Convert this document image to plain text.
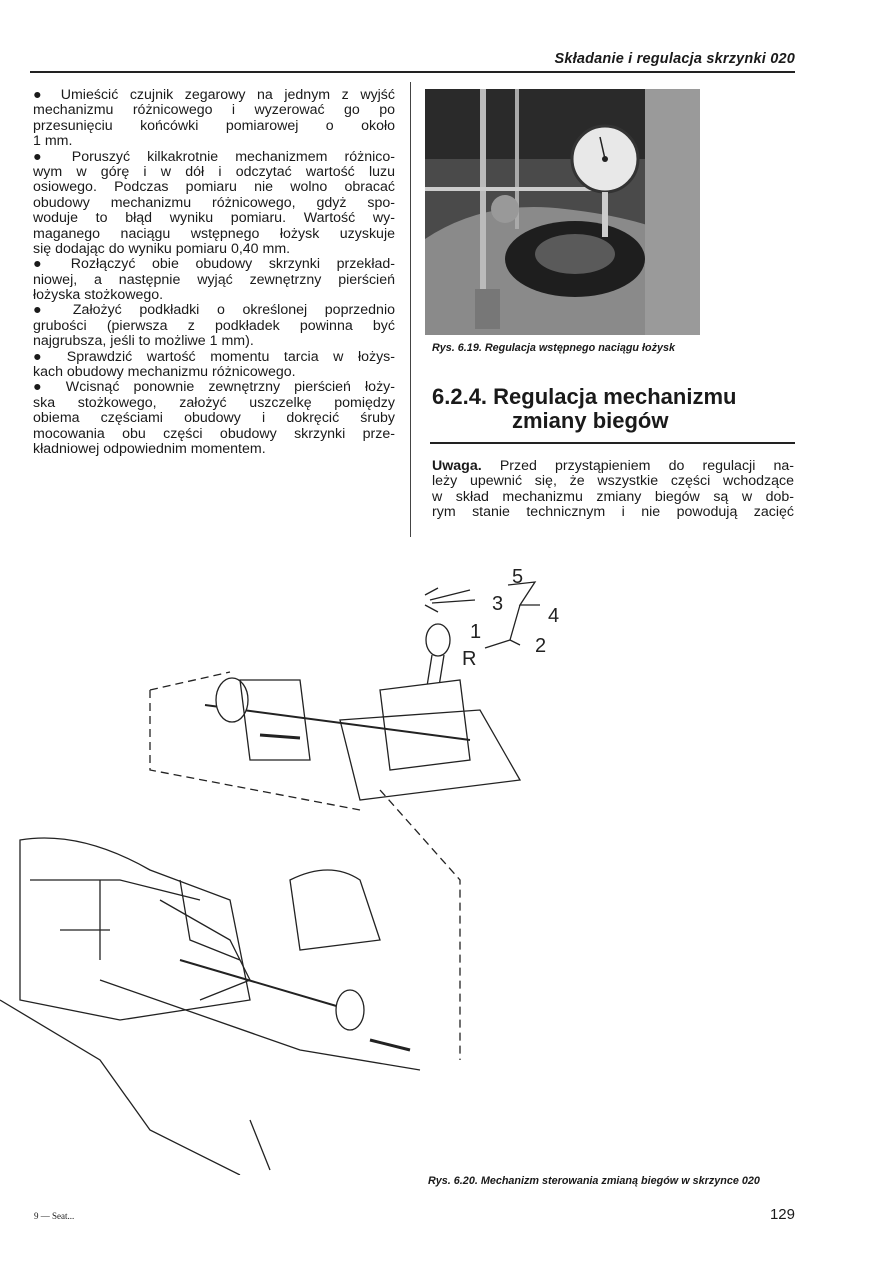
Składanie i regulacja skrzynki 020
● Umieścić czujnik zegarowy na jednym z wyjść
mechanizmu różnicowego i wyzerować go po
przesunięciu końcówki pomiarowej o około
1 mm.
● Poruszyć kilkakrotnie mechanizmem różnico-
wym w górę i w dół i odczytać wartość luzu
osiowego. Podczas pomiaru nie wolno obracać
obudowy mechanizmu różnicowego, gdyż spo-
woduje to błąd wyniku pomiaru. Wartość wy-
maganego naciągu wstępnego łożysk uzyskuje
się dodając do wyniku pomiaru 0,40 mm.
● Rozłączyć obie obudowy skrzynki przekład-
niowej, a następnie wyjąć zewnętrzny pierścień
łożyska stożkowego.
● Założyć podkładki o określonej poprzednio
grubości (pierwsza z podkładek powinna być
najgrubsza, jeśli to możliwe 1 mm).
● Sprawdzić wartość momentu tarcia w łożys-
kach obudowy mechanizmu różnicowego.
● Wcisnąć ponownie zewnętrzny pierścień łoży-
ska stożkowego, założyć uszczelkę pomiędzy
obiema częściami obudowy i dokręcić śruby
mocowania obu części obudowy skrzynki prze-
kładniowej odpowiednim momentem.
Rys. 6.19. Regulacja wstępnego naciągu łożysk
6.2.4. Regulacja mechanizmu
zmiany biegów
Uwaga. Przed przystąpieniem do regulacji na-
leży upewnić się, że wszystkie części wchodzące
w skład mechanizmu zmiany biegów są w dob-
rym stanie technicznym i nie powodują zacięć
5
3
4
1
2
R
Rys. 6.20. Mechanizm sterowania zmianą biegów w skrzynce 020
9 — Seat...	129
